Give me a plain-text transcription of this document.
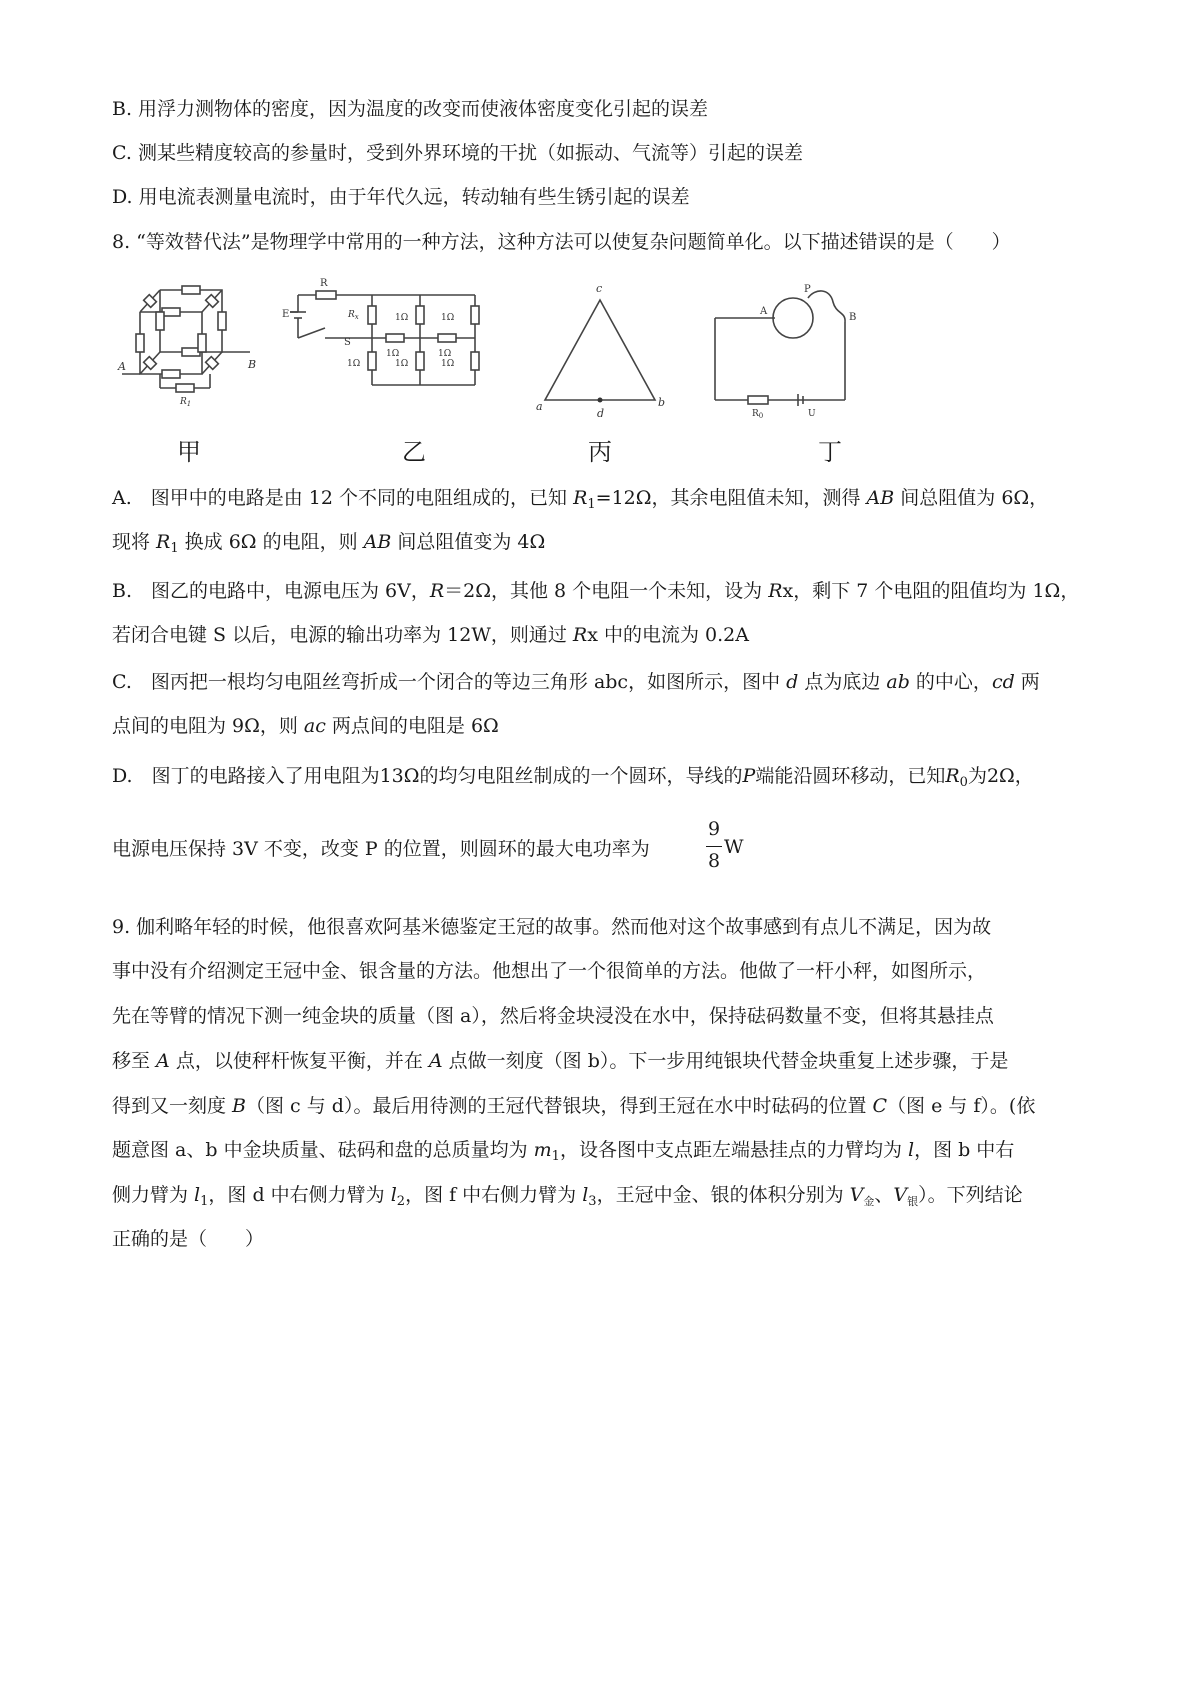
B. 用浮力测物体的密度，因为温度的改变而使液体密度变化引起的误差
C. 测某些精度较高的参量时，受到外界环境的干扰（如振动、气流等）引起的误差
D. 用电流表测量电流时，由于年代久远，转动轴有些生锈引起的误差
8. “等效替代法”是物理学中常用的一种方法，这种方法可以使复杂问题简单化。以下描述错误的是（　　）
A	B
$R_1$
R
$R_x$
E
S
1Ω	1Ω
1Ω	1Ω
1Ω	1Ω	1Ω
c
a	b
d
A
P
B
$R_0$	U
甲	乙	丙	丁
A.　图甲中的电路是由 12 个不同的电阻组成的，已知 $R_1=12\Omega$，其余电阻值未知，测得 AB 间总阻值为 6Ω，
现将 $R_1$ 换成 6Ω 的电阻，则 AB 间总阻值变为 4Ω
B.　图乙的电路中，电源电压为 6V，R＝2Ω，其他 8 个电阻一个未知，设为 Rx，剩下 7 个电阻的阻值均为 1Ω，
若闭合电键 S 以后，电源的输出功率为 12W，则通过 Rx 中的电流为 0.2A
C.　图丙把一根均匀电阻丝弯折成一个闭合的等边三角形 abc，如图所示，图中 d 点为底边 ab 的中心，cd 两
点间的电阻为 9Ω，则 ac 两点间的电阻是 6Ω
D.　图丁的电路接入了用电阻为13Ω的均匀电阻丝制成的一个圆环，导线的P端能沿圆环移动，已知$R_0$为2Ω，
电源电压保持 3V 不变，改变 P 的位置，则圆环的最大电功率为
9
8
W
9. 伽利略年轻的时候，他很喜欢阿基米德鉴定王冠的故事。然而他对这个故事感到有点儿不满足，因为故
事中没有介绍测定王冠中金、银含量的方法。他想出了一个很简单的方法。他做了一杆小秤，如图所示，
先在等臂的情况下测一纯金块的质量（图 a），然后将金块浸没在水中，保持砝码数量不变，但将其悬挂点
移至 A 点，以使秤杆恢复平衡，并在 A 点做一刻度（图 b）。下一步用纯银块代替金块重复上述步骤，于是
得到又一刻度 B（图 c 与 d）。最后用待测的王冠代替银块，得到王冠在水中时砝码的位置 C（图 e 与 f）。(依
题意图 a、b 中金块质量、砝码和盘的总质量均为 $m_1$，设各图中支点距左端悬挂点的力臂均为 l，图 b 中右
侧力臂为 $l_1$，图 d 中右侧力臂为 $l_2$，图 f 中右侧力臂为 $l_3$，王冠中金、银的体积分别为 $V_金$、$V_银$）。下列结论
正确的是（　　）
